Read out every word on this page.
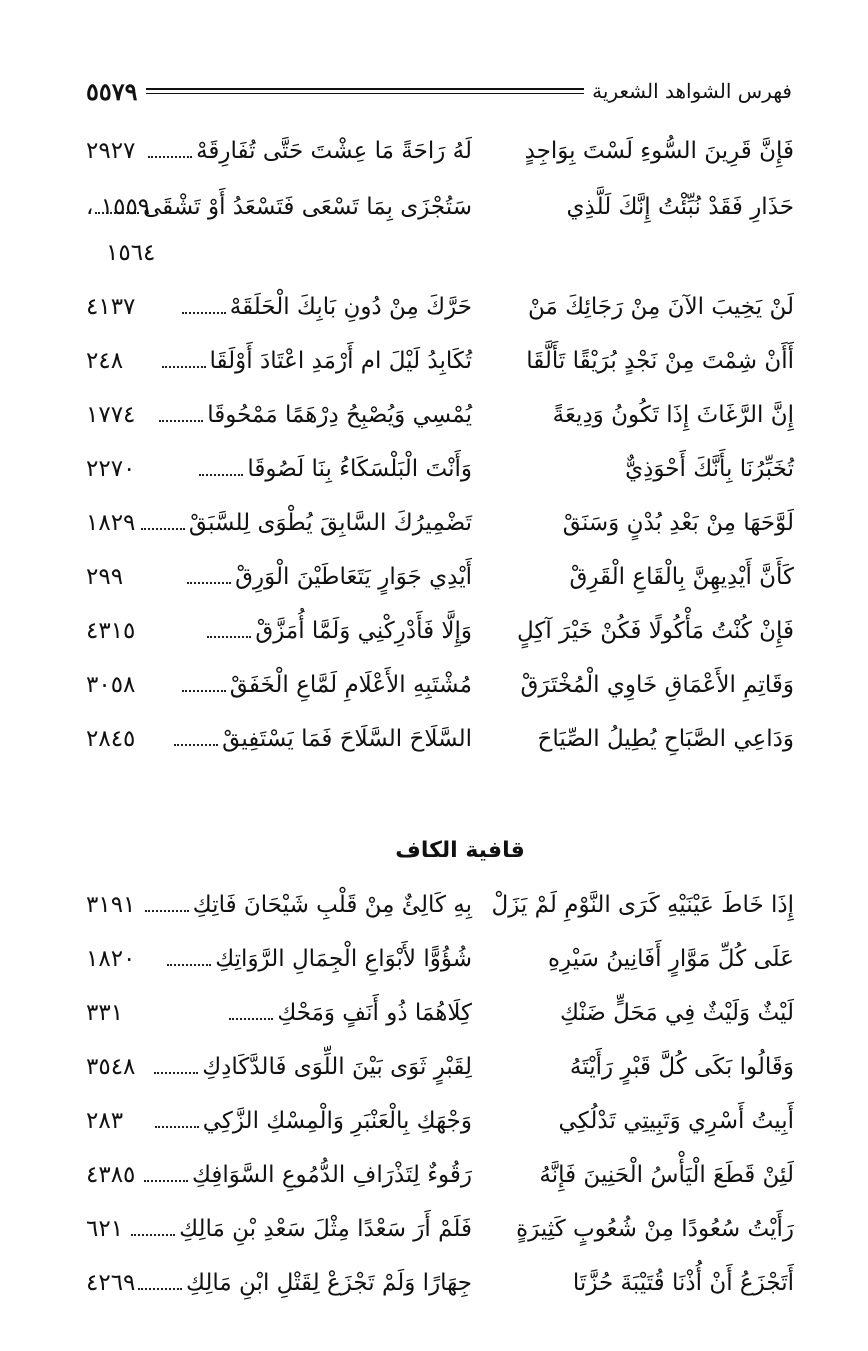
٥٥٧٩	فهرس الشواهد الشعرية
فَإِنَّ قَرِينَ السُّوءِ لَسْتَ بِوَاجِدٍ
لَهُ رَاحَةً مَا عِشْتَ حَتَّى تُفَارِقَهْ
٢٩٢٧
حَذَارِ فَقَدْ نُبِّئْتُ إِنَّكَ لَلَّذِي
سَتُجْزَى بِمَا تَسْعَى فَتَسْعَدُ أَوْ تَشْقَى
١٥٥٩ ،
١٥٦٤
لَنْ يَخِيبَ الآنَ مِنْ رَجَائِكَ مَنْ
حَرَّكَ مِنْ دُونِ بَابِكَ الْحَلَقَهْ
٤١٣٧
أَأَنْ شِمْتَ مِنْ نَجْدٍ بُرَيْقًا تَأَلَّقَا
تُكَابِدُ لَيْلَ ام أَرْمَدِ اعْتَادَ أَوْلَقَا
٢٤٨
إِنَّ الرَّغَاثَ إِذَا تَكُونُ وَدِيعَةً
يُمْسِي وَيُصْبِحُ دِرْهَمًا مَمْحُوقَا
١٧٧٤
تُخَبِّرُنَا بِأَنَّكَ أَحْوَذِيٌّ
وَأَنْتَ الْبَلْسَكَاءُ بِنَا لَصُوقَا
٢٢٧٠
لَوَّحَهَا مِنْ بَعْدِ بُدْنٍ وَسَنَقْ
تَضْمِيرُكَ السَّابِقَ يُطْوَى لِلسَّبَقْ
١٨٢٩
كَأَنَّ أَيْدِيهِنَّ بِالْقَاعِ الْقَرِقْ
أَيْدِي جَوَارٍ يَتَعَاطَيْنَ الْوَرِقْ
٢٩٩
فَإِنْ كُنْتُ مَأْكُولًا فَكُنْ خَيْرَ آكِلٍ
وَإِلَّا فَأَدْرِكْنِي وَلَمَّا أُمَزَّقْ
٤٣١٥
وَقَاتِمِ الأَعْمَاقِ خَاوِي الْمُخْتَرَقْ
مُشْتَبِهِ الأَعْلَامِ لَمَّاعِ الْخَفَقْ
٣٠٥٨
وَدَاعِي الصَّبَاحِ يُطِيلُ الصِّيَاحَ
السَّلَاحَ السَّلَاحَ فَمَا يَسْتَفِيقْ
٢٨٤٥
قافية الكاف
إِذَا خَاطَ عَيْنَيْهِ كَرَى النَّوْمِ لَمْ يَزَلْ
بِهِ كَالِئٌ مِنْ قَلْبِ شَيْحَانَ فَاتِكِ
٣١٩١
عَلَى كُلِّ مَوَّارٍ أَفَانِينُ سَيْرِهِ
شُؤُوًّا لأَبْوَاعِ الْجِمَالِ الرَّوَاتِكِ
١٨٢٠
لَيْثٌ وَلَيْثٌ فِي مَحَلٍّ ضَنْكِ
كِلَاهُمَا ذُو أَنَفٍ وَمَحْكِ
٣٣١
وَقَالُوا بَكَى كُلَّ قَبْرٍ رَأَيْتَهُ
لِقَبْرٍ ثَوَى بَيْنَ اللِّوَى فَالدَّكَادِكِ
٣٥٤٨
أَبِيتُ أَسْرِي وَتَبِيتِي تَدْلُكِي
وَجْهَكِ بِالْعَنْبَرِ وَالْمِسْكِ الزَّكِي
٢٨٣
لَئِنْ قَطَعَ الْيَأْسُ الْحَنِينَ فَإِنَّهُ
رَقُوءٌ لِتَذْرَافِ الدُّمُوعِ السَّوَافِكِ
٤٣٨٥
رَأَيْتُ سُعُودًا مِنْ شُعُوبٍ كَثِيرَةٍ
فَلَمْ أَرَ سَعْدًا مِثْلَ سَعْدِ بْنِ مَالِكِ
٦٢١
أَتَجْزَعُ أَنْ أُذْنَا قُتَيْبَةَ حُزَّتَا
جِهَارًا وَلَمْ تَجْزَعْ لِقَتْلِ ابْنِ مَالِكِ
٤٢٦٩
